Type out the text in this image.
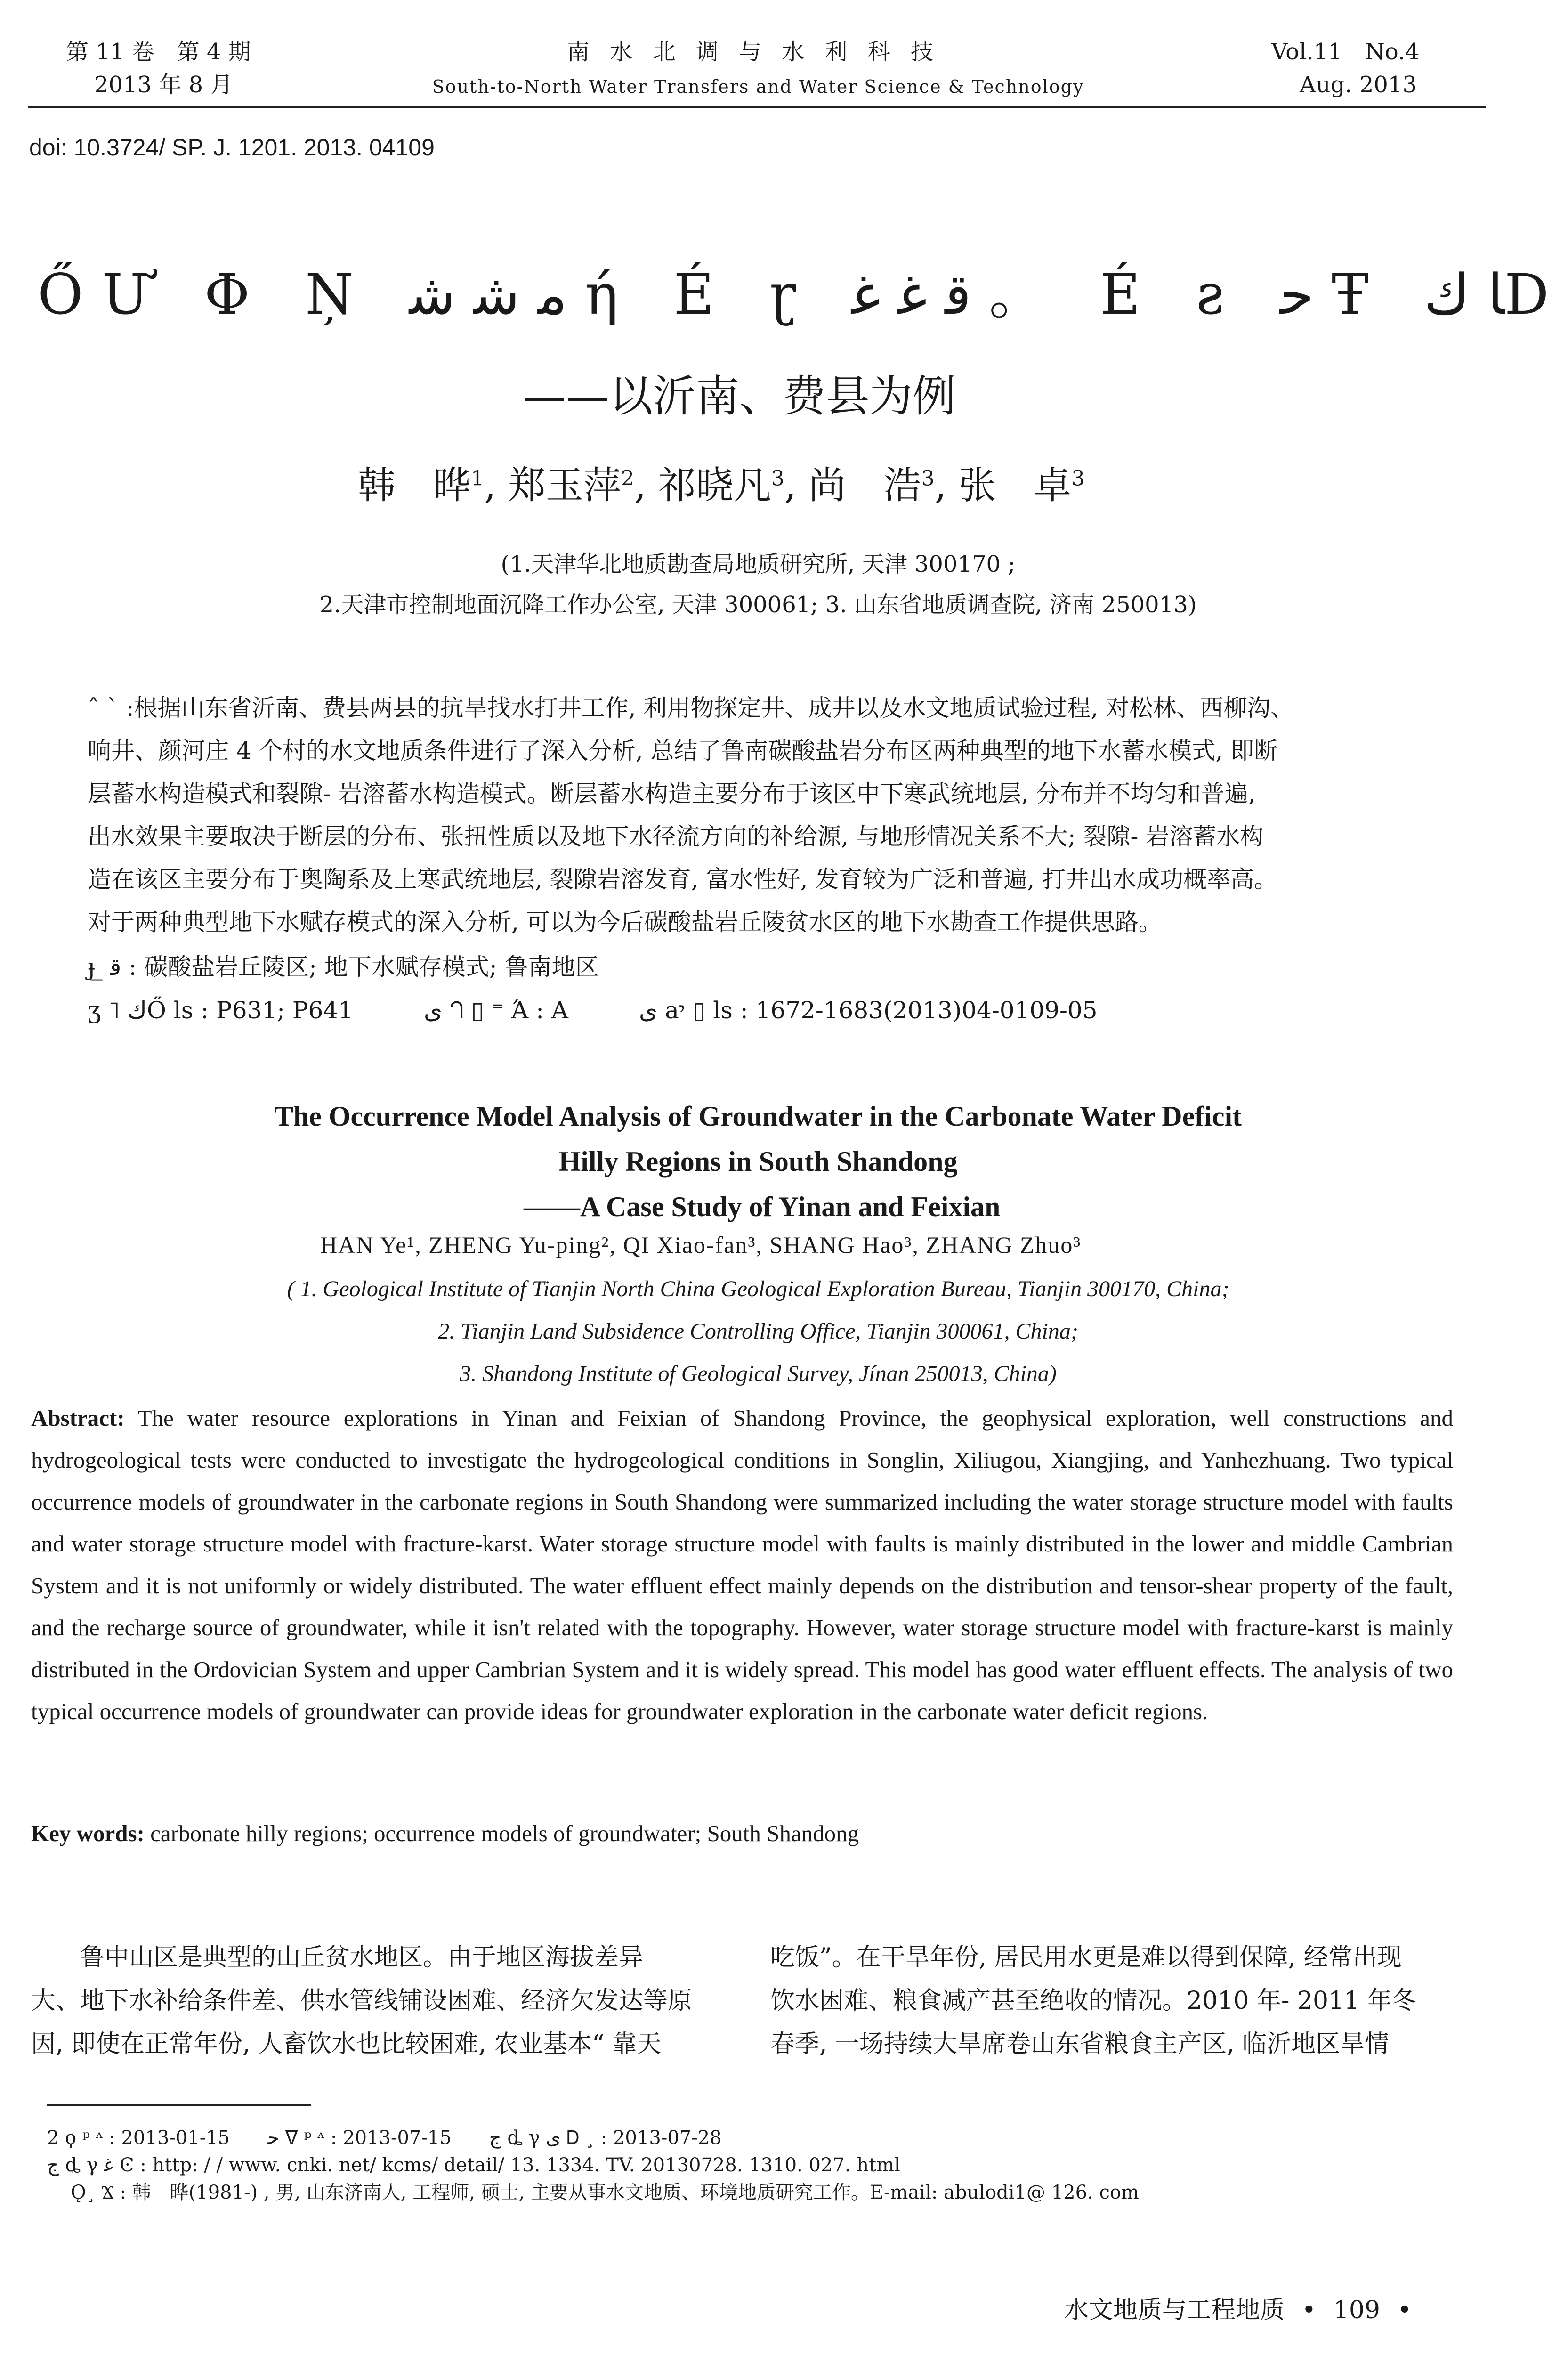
第 11 卷　第 4 期
2013 年 8 月
南 水 北 调 与 水 利 科 技
South-to-North Water Transfers and Water Science & Technology
Vol.11　No.4
Aug. 2013
doi: 10.3724/ SP. J. 1201. 2013. 04109
ŐƯ Φ Ņ ﻣ ﺷ ﺷ ή É ɽ ﻗ ﻏ ﻏ 。 É ƨ ﺣ Ŧ ﺎ ﻙD
——以沂南、费县为例
韩　晔$^1$, 郑玉萍$^2$, 祁晓凡$^3$, 尚　浩$^3$, 张　卓$^3$
(1.天津华北地质勘查局地质研究所, 天津 300170 ;
2.天津市控制地面沉降工作办公室, 天津 300061; 3. 山东省地质调查院, 济南 250013)
ˆ ˋ :根据山东省沂南、费县两县的抗旱找水打井工作, 利用物探定井、成井以及水文地质试验过程, 对松林、西柳沟、
响井、颜河庄 4 个村的水文地质条件进行了深入分析, 总结了鲁南碳酸盐岩分布区两种典型的地下水蓄水模式, 即断
层蓄水构造模式和裂隙- 岩溶蓄水构造模式。断层蓄水构造主要分布于该区中下寒武统地层, 分布并不均匀和普遍,
出水效果主要取决于断层的分布、张扭性质以及地下水径流方向的补给源, 与地形情况关系不大; 裂隙- 岩溶蓄水构
造在该区主要分布于奥陶系及上寒武统地层, 裂隙岩溶发育, 富水性好, 发育较为广泛和普遍, 打井出水成功概率高。
对于两种典型地下水赋存模式的深入分析, 可以为今后碳酸盐岩丘陵贫水区的地下水勘查工作提供思路。
ɟ ̲ ﻗ : 碳酸盐岩丘陵区; 地下水赋存模式; 鲁南地区
ʒ ˥ ﻙŐ ls : P631; P641	ی ᘃ ▯ ⁼ Ά : A	ی aי ▯ ls : 1672-1683(2013)04-0109-05
The Occurrence Model Analysis of Groundwater in the Carbonate Water Deficit
Hilly Regions in South Shandong
——A Case Study of Yinan and Feixian
HAN Ye¹, ZHENG Yu-ping², QI Xiao-fan³, SHANG Hao³, ZHANG Zhuo³
( 1. Geological Institute of Tianjin North China Geological Exploration Bureau, Tianjin 300170, China;
2. Tianjin Land Subsidence Controlling Office, Tianjin 300061, China;
3. Shandong Institute of Geological Survey, Jínan 250013, China)
Abstract: The water resource explorations in Yinan and Feixian of Shandong Province, the geophysical exploration, well constructions and hydrogeological tests were conducted to investigate the hydrogeological conditions in Songlin, Xiliugou, Xiangjing, and Yanhezhuang. Two typical occurrence models of groundwater in the carbonate regions in South Shandong were summarized including the water storage structure model with faults and water storage structure model with fracture-karst. Water storage structure model with faults is mainly distributed in the lower and middle Cambrian System and it is not uniformly or widely distributed. The water effluent effect mainly depends on the distribution and tensor-shear property of the fault, and the recharge source of groundwater, while it isn't related with the topography. However, water storage structure model with fracture-karst is mainly distributed in the Ordovician System and upper Cambrian System and it is widely spread. This model has good water effluent effects. The analysis of two typical occurrence models of groundwater can provide ideas for groundwater exploration in the carbonate water deficit regions.
Key words: carbonate hilly regions; occurrence models of groundwater; South Shandong
　　鲁中山区是典型的山丘贫水地区。由于地区海拔差异
大、地下水补给条件差、供水管线铺设困难、经济欠发达等原
因, 即使在正常年份, 人畜饮水也比较困难, 农业基本“ 靠天
吃饭”。在干旱年份, 居民用水更是难以得到保障, 经常出现
饮水困难、粮食减产甚至绝收的情况。2010 年- 2011 年冬
春季, 一场持续大旱席卷山东省粮食主产区, 临沂地区旱情
2 ϙ ᵖ ᶺ : 2013-01-15　　ﺣ ᐁ ᵖ ᶺ : 2013-07-15　　ﺝ ȡ γ ی Ꭰ ¸ : 2013-07-28
ﺝ ȡ γ ﻏ Ͼ : http: / / www. cnki. net/ kcms/ detail/ 13. 1334. TV. 20130728. 1310. 027. html
Ǫ¸ Ϫ : 韩　晔(1981-) , 男, 山东济南人, 工程师, 硕士, 主要从事水文地质、环境地质研究工作。E-mail: abulodi1@ 126. com
水文地质与工程地质 • 109 •
